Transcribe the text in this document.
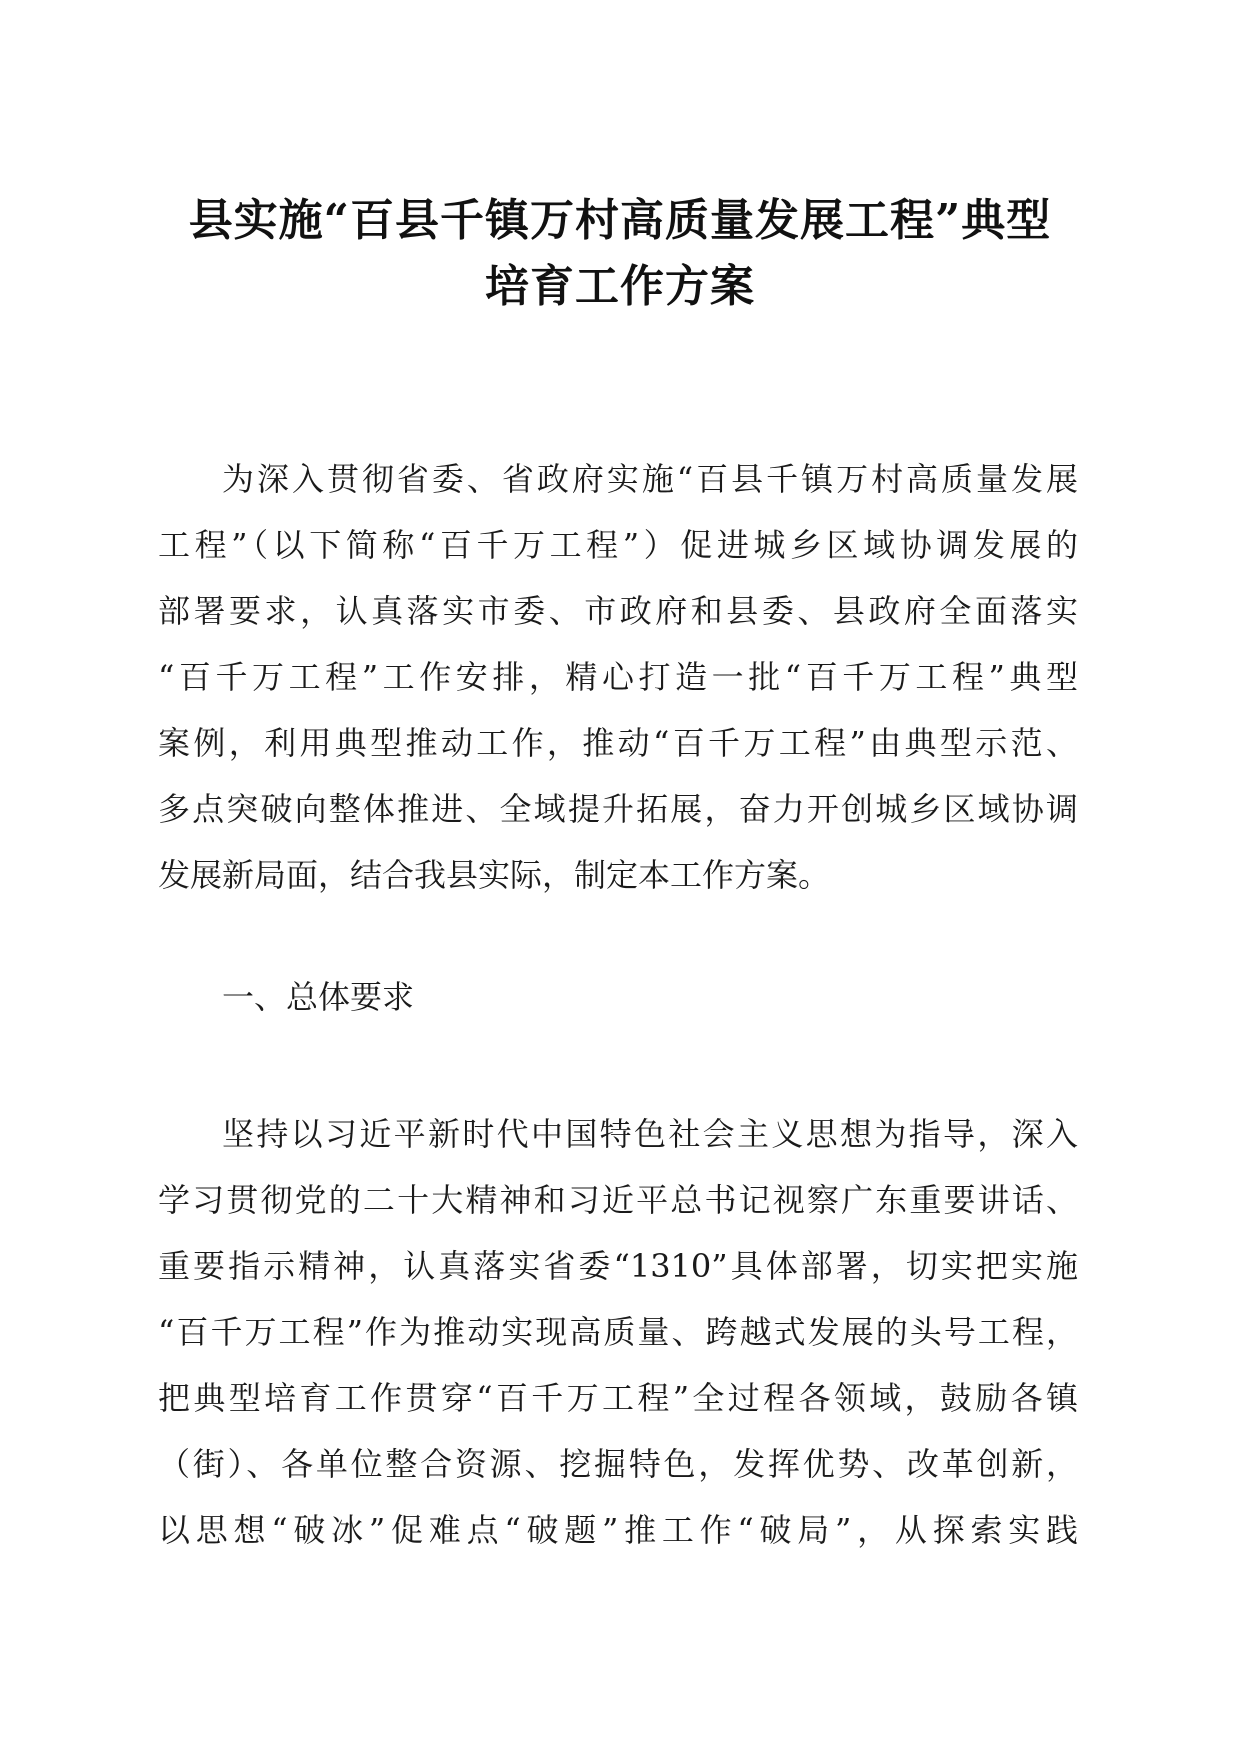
县实施“百县千镇万村高质量发展工程”典型
培育工作方案

为深入贯彻省委、省政府实施“百县千镇万村高质量发展
工程”（以下简称“百千万工程”）促进城乡区域协调发展的
部署要求，认真落实市委、市政府和县委、县政府全面落实
“百千万工程”工作安排，精心打造一批“百千万工程”典型
案例，利用典型推动工作，推动“百千万工程”由典型示范、
多点突破向整体推进、全域提升拓展，奋力开创城乡区域协调
发展新局面，结合我县实际，制定本工作方案。

一、总体要求

坚持以习近平新时代中国特色社会主义思想为指导，深入
学习贯彻党的二十大精神和习近平总书记视察广东重要讲话、
重要指示精神，认真落实省委“1310”具体部署，切实把实施
“百千万工程”作为推动实现高质量、跨越式发展的头号工程，
把典型培育工作贯穿“百千万工程”全过程各领域，鼓励各镇
（街）、各单位整合资源、挖掘特色，发挥优势、改革创新，
以思想“破冰”促难点“破题”推工作“破局”，从探索实践
